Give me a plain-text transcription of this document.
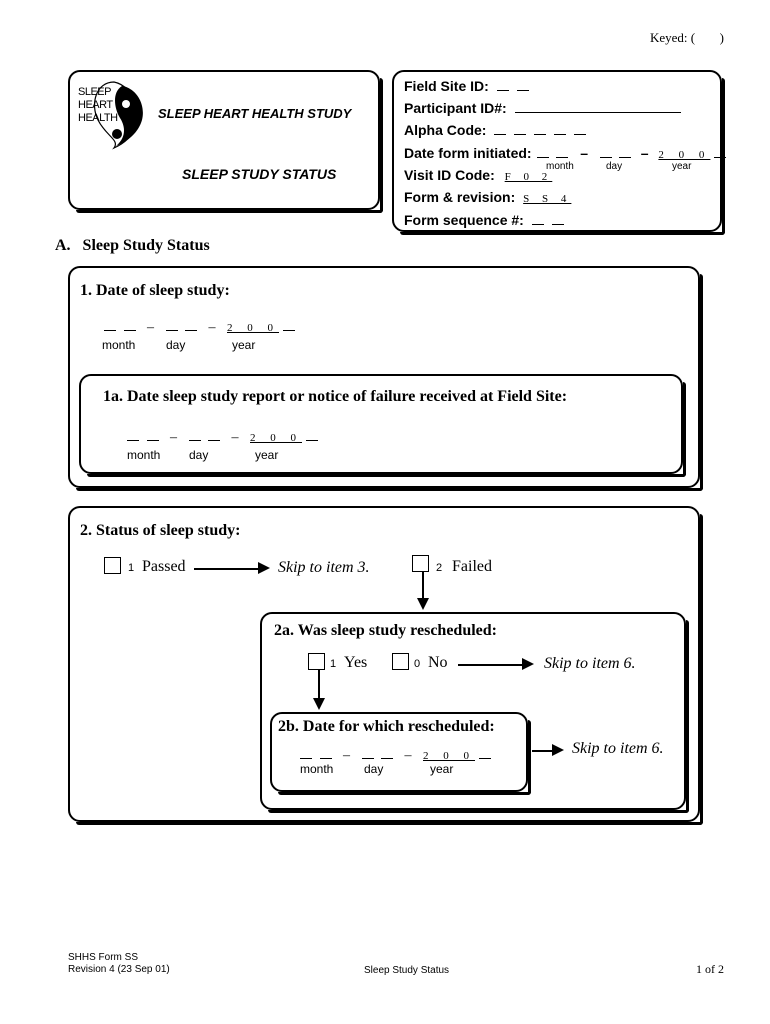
Keyed: ( )
SLEEP
HEART
HEALTH	SLEEP HEART HEALTH STUDY
SLEEP STUDY STATUS
Field Site ID:
Participant ID#:
Alpha Code:
Date form initiated:	–	– 2 0 0
month	day	year
Visit ID Code: F 0 2
Form & revision: S S 4
Form sequence #:
A.   Sleep Study Status
1. Date of sleep study:
–	– 2 0 0
month	day	year
1a. Date sleep study report or notice of failure received at Field Site:
–	– 2 0 0
month day	year
2. Status of sleep study:
1 Passed	Skip to item 3.	2 Failed
2a. Was sleep study rescheduled:
1 Yes	0 No	Skip to item 6.
2b. Date for which rescheduled:
–	– 2 0 0
month	day	year
Skip to item 6.
SHHS Form SS
Revision 4 (23 Sep 01)	Sleep Study Status	1 of 2
